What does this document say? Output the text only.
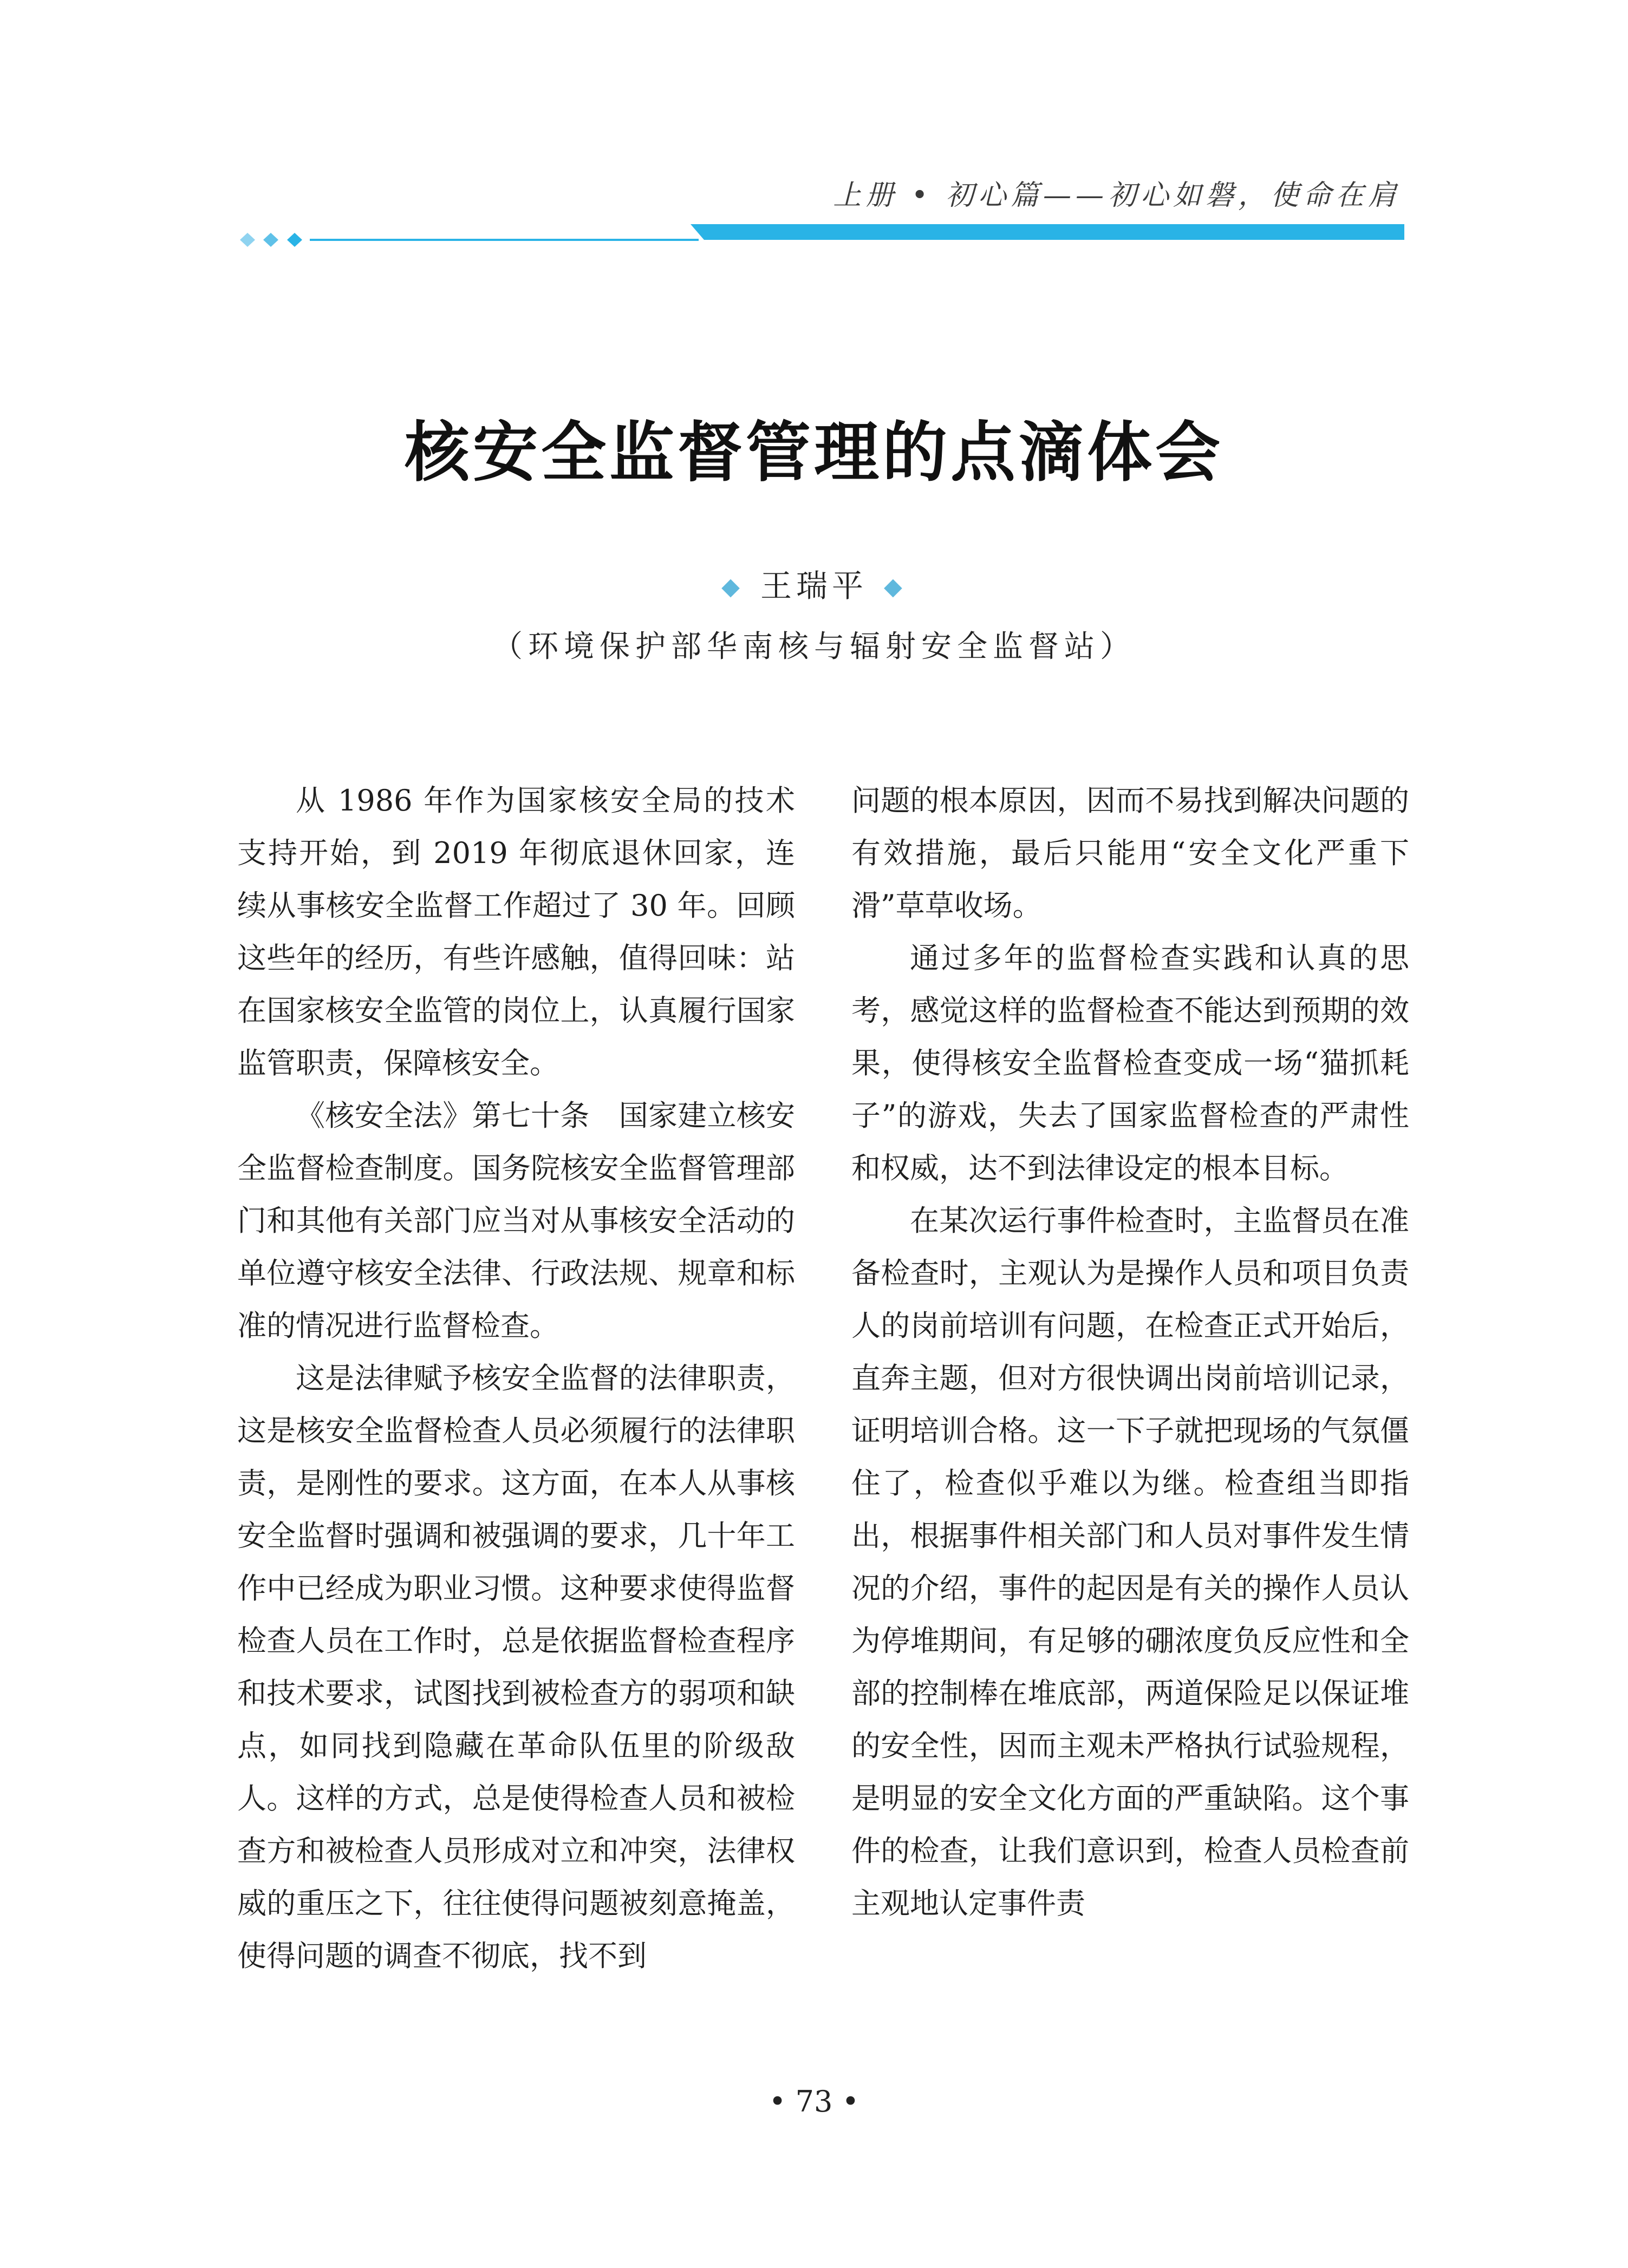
上册 • 初心篇——初心如磐，使命在肩
核安全监督管理的点滴体会
◆ 王瑞平 ◆
（环境保护部华南核与辐射安全监督站）

从 1986 年作为国家核安全局的技术支持开始，到 2019 年彻底退休回家，连续从事核安全监督工作超过了 30 年。回顾这些年的经历，有些许感触，值得回味：站在国家核安全监管的岗位上，认真履行国家监管职责，保障核安全。

《核安全法》第七十条　国家建立核安全监督检查制度。国务院核安全监督管理部门和其他有关部门应当对从事核安全活动的单位遵守核安全法律、行政法规、规章和标准的情况进行监督检查。

这是法律赋予核安全监督的法律职责，这是核安全监督检查人员必须履行的法律职责，是刚性的要求。这方面，在本人从事核安全监督时强调和被强调的要求，几十年工作中已经成为职业习惯。这种要求使得监督检查人员在工作时，总是依据监督检查程序和技术要求，试图找到被检查方的弱项和缺点，如同找到隐藏在革命队伍里的阶级敌人。这样的方式，总是使得检查人员和被检查方和被检查人员形成对立和冲突，法律权威的重压之下，往往使得问题被刻意掩盖，使得问题的调查不彻底，找不到

问题的根本原因，因而不易找到解决问题的有效措施，最后只能用“安全文化严重下滑”草草收场。

通过多年的监督检查实践和认真的思考，感觉这样的监督检查不能达到预期的效果，使得核安全监督检查变成一场“猫抓耗子”的游戏，失去了国家监督检查的严肃性和权威，达不到法律设定的根本目标。

在某次运行事件检查时，主监督员在准备检查时，主观认为是操作人员和项目负责人的岗前培训有问题，在检查正式开始后，直奔主题，但对方很快调出岗前培训记录，证明培训合格。这一下子就把现场的气氛僵住了，检查似乎难以为继。检查组当即指出，根据事件相关部门和人员对事件发生情况的介绍，事件的起因是有关的操作人员认为停堆期间，有足够的硼浓度负反应性和全部的控制棒在堆底部，两道保险足以保证堆的安全性，因而主观未严格执行试验规程，是明显的安全文化方面的严重缺陷。这个事件的检查，让我们意识到，检查人员检查前主观地认定事件责

• 73 •
